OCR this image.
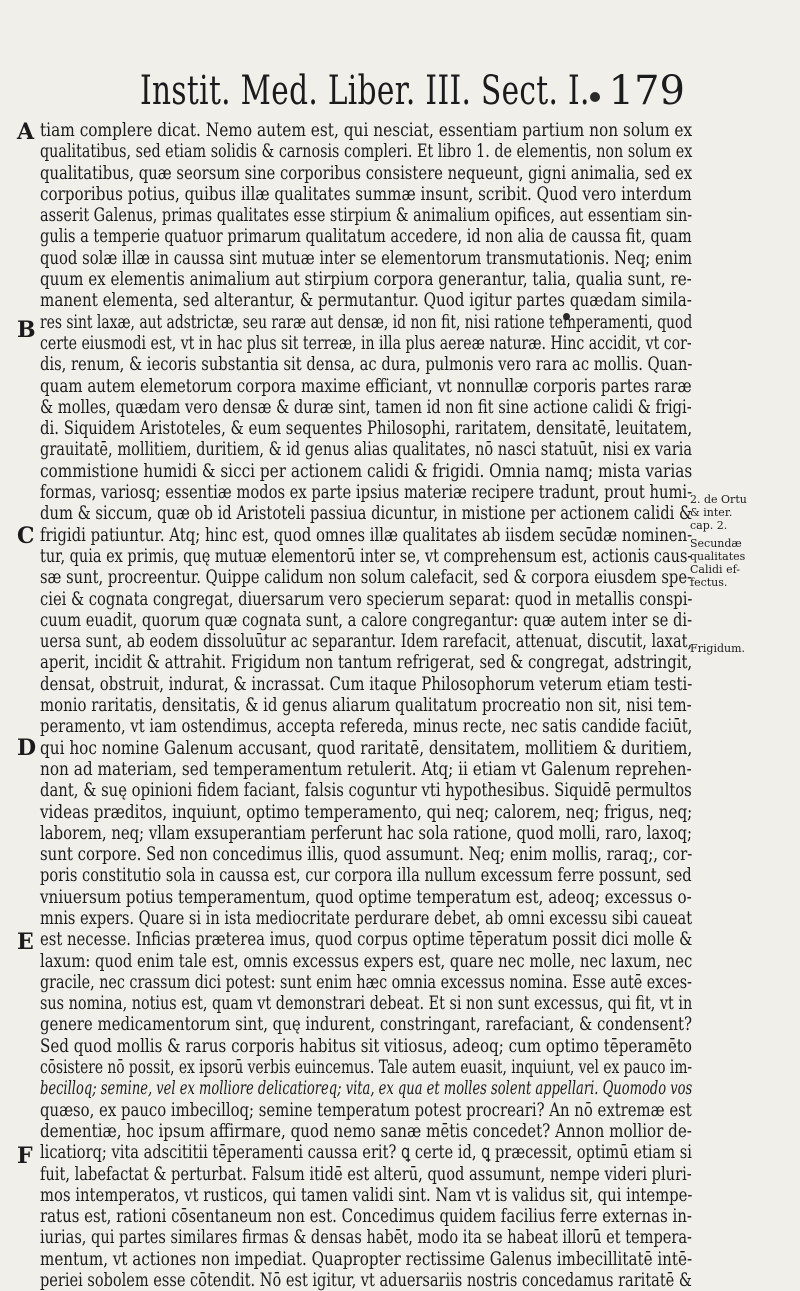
Instit. Med. Liber. III. Sect. I. 179
A
B
C
D
E
F
2. de Ortu
& inter.
cap. 2.
Secundæ
qualitates
Calidi ef-
fectus.
Frigidum.
tiam complere dicat. Nemo autem est, qui nesciat, essentiam partium non solum ex
qualitatibus, sed etiam solidis & carnosis compleri. Et libro 1. de elementis, non solum ex
qualitatibus, quæ seorsum sine corporibus consistere nequeunt, gigni animalia, sed ex
corporibus potius, quibus illæ qualitates summæ insunt, scribit. Quod vero interdum
asserit Galenus, primas qualitates esse stirpium & animalium opifices, aut essentiam sin-
gulis a temperie quatuor primarum qualitatum accedere, id non alia de caussa fit, quam
quod solæ illæ in caussa sint mutuæ inter se elementorum transmutationis. Neq; enim
quum ex elementis animalium aut stirpium corpora generantur, talia, qualia sunt, re-
manent elementa, sed alterantur, & permutantur. Quod igitur partes quædam simila-
res sint laxæ, aut adstrictæ, seu raræ aut densæ, id non fit, nisi ratione temperamenti, quod
certe eiusmodi est, vt in hac plus sit terreæ, in illa plus aereæ naturæ. Hinc accidit, vt cor-
dis, renum, & iecoris substantia sit densa, ac dura, pulmonis vero rara ac mollis. Quan-
quam autem elemetorum corpora maxime efficiant, vt nonnullæ corporis partes raræ
& molles, quædam vero densæ & duræ sint, tamen id non fit sine actione calidi & frigi-
di. Siquidem Aristoteles, & eum sequentes Philosophi, raritatem, densitatē, leuitatem,
grauitatē, mollitiem, duritiem, & id genus alias qualitates, nō nasci statuūt, nisi ex varia
commistione humidi & sicci per actionem calidi & frigidi. Omnia namq; mista varias
formas, variosq; essentiæ modos ex parte ipsius materiæ recipere tradunt, prout humi-
dum & siccum, quæ ob id Aristoteli passiua dicuntur, in mistione per actionem calidi &
frigidi patiuntur. Atq; hinc est, quod omnes illæ qualitates ab iisdem secūdæ nominen-
tur, quia ex primis, quę mutuæ elementorū inter se, vt comprehensum est, actionis caus-
sæ sunt, procreentur. Quippe calidum non solum calefacit, sed & corpora eiusdem spe-
ciei & cognata congregat, diuersarum vero specierum separat: quod in metallis conspi-
cuum euadit, quorum quæ cognata sunt, a calore congregantur: quæ autem inter se di-
uersa sunt, ab eodem dissoluūtur ac separantur. Idem rarefacit, attenuat, discutit, laxat,
aperit, incidit & attrahit. Frigidum non tantum refrigerat, sed & congregat, adstringit,
densat, obstruit, indurat, & incrassat. Cum itaque Philosophorum veterum etiam testi-
monio raritatis, densitatis, & id genus aliarum qualitatum procreatio non sit, nisi tem-
peramento, vt iam ostendimus, accepta refereda, minus recte, nec satis candide faciūt,
qui hoc nomine Galenum accusant, quod raritatē, densitatem, mollitiem & duritiem,
non ad materiam, sed temperamentum retulerit. Atq; ii etiam vt Galenum reprehen-
dant, & suę opinioni fidem faciant, falsis coguntur vti hypothesibus. Siquidē permultos
videas præditos, inquiunt, optimo temperamento, qui neq; calorem, neq; frigus, neq;
laborem, neq; vllam exsuperantiam perferunt hac sola ratione, quod molli, raro, laxoq;
sunt corpore. Sed non concedimus illis, quod assumunt. Neq; enim mollis, raraq;, cor-
poris constitutio sola in caussa est, cur corpora illa nullum excessum ferre possunt, sed
vniuersum potius temperamentum, quod optime temperatum est, adeoq; excessus o-
mnis expers. Quare si in ista mediocritate perdurare debet, ab omni excessu sibi caueat
est necesse. Inficias præterea imus, quod corpus optime tēperatum possit dici molle &
laxum: quod enim tale est, omnis excessus expers est, quare nec molle, nec laxum, nec
gracile, nec crassum dici potest: sunt enim hæc omnia excessus nomina. Esse autē exces-
sus nomina, notius est, quam vt demonstrari debeat. Et si non sunt excessus, qui fit, vt in
genere medicamentorum sint, quę indurent, constringant, rarefaciant, & condensent?
Sed quod mollis & rarus corporis habitus sit vitiosus, adeoq; cum optimo tēperamēto
cōsistere nō possit, ex ipsorū verbis euincemus. Tale autem euasit, inquiunt, vel ex pauco im-
becilloq; semine, vel ex molliore delicatioreq; vita, ex qua et molles solent appellari. Quomodo vos
quæso, ex pauco imbecilloq; semine temperatum potest procreari? An nō extremæ est
dementiæ, hoc ipsum affirmare, quod nemo sanæ mētis concedet? Annon mollior de-
licatiorq; vita adscititii tēperamenti caussa erit? ꝗ certe id, ꝗ præcessit, optimū etiam si
fuit, labefactat & perturbat. Falsum itidē est alterū, quod assumunt, nempe videri pluri-
mos intemperatos, vt rusticos, qui tamen validi sint. Nam vt is validus sit, qui intempe-
ratus est, rationi cōsentaneum non est. Concedimus quidem facilius ferre externas in-
iurias, qui partes similares firmas & densas habēt, modo ita se habeat illorū et tempera-
mentum, vt actiones non impediat. Quapropter rectissime Galenus imbecillitatē intē-
periei sobolem esse cōtendit. Nō est igitur, vt aduersariis nostris concedamus raritatē &
